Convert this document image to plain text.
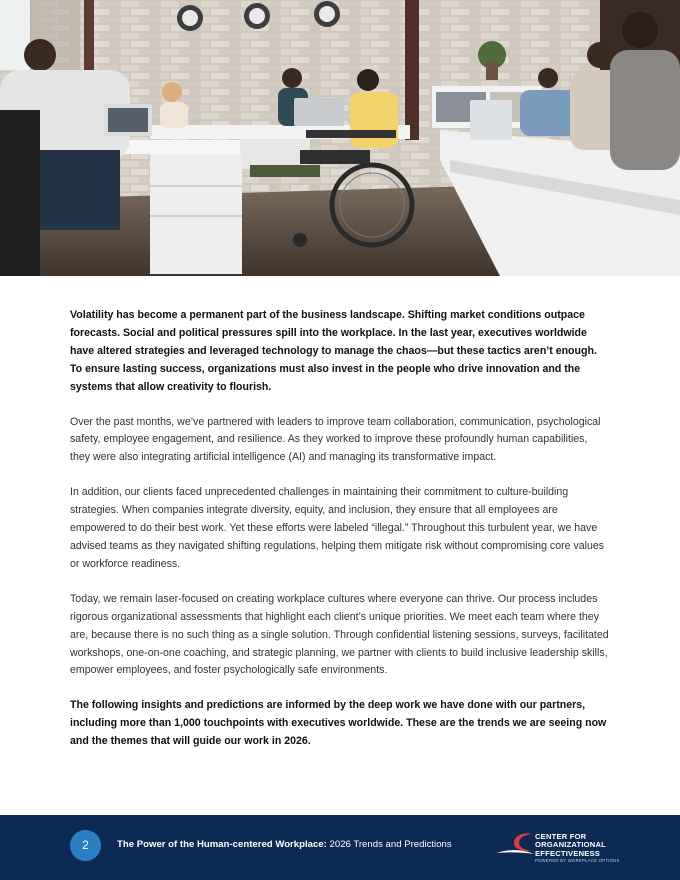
Volatility has become a permanent part of the business landscape. Shifting market conditions outpace forecasts. Social and political pressures spill into the workplace. In the last year, executives worldwide have altered strategies and leveraged technology to manage the chaos—but these tactics aren’t enough. To ensure lasting success, organizations must also invest in the people who drive innovation and the systems that allow creativity to flourish.

Over the past months, we’ve partnered with leaders to improve team collaboration, communication, psychological safety, employee engagement, and resilience. As they worked to improve these profoundly human capabilities, they were also integrating artificial intelligence (AI) and managing its transformative impact.

In addition, our clients faced unprecedented challenges in maintaining their commitment to culture-building strategies. When companies integrate diversity, equity, and inclusion, they ensure that all employees are empowered to do their best work. Yet these efforts were labeled “illegal.” Throughout this turbulent year, we have advised teams as they navigated shifting regulations, helping them mitigate risk without compromising core values or workforce readiness.

Today, we remain laser-focused on creating workplace cultures where everyone can thrive. Our process includes rigorous organizational assessments that highlight each client’s unique priorities. We meet each team where they are, because there is no such thing as a single solution. Through confidential listening sessions, surveys, facilitated workshops, one-on-one coaching, and strategic planning, we partner with clients to build inclusive leadership skills, empower employees, and foster psychologically safe environments.

The following insights and predictions are informed by the deep work we have done with our partners, including more than 1,000 touchpoints with executives worldwide. These are the trends we are seeing now and the themes that will guide our work in 2026.

2	The Power of the Human-centered Workplace: 2026 Trends and Predictions
CENTER FOR
ORGANIZATIONAL
EFFECTIVENESS
POWERED BY WORKPLACE OPTIONS
